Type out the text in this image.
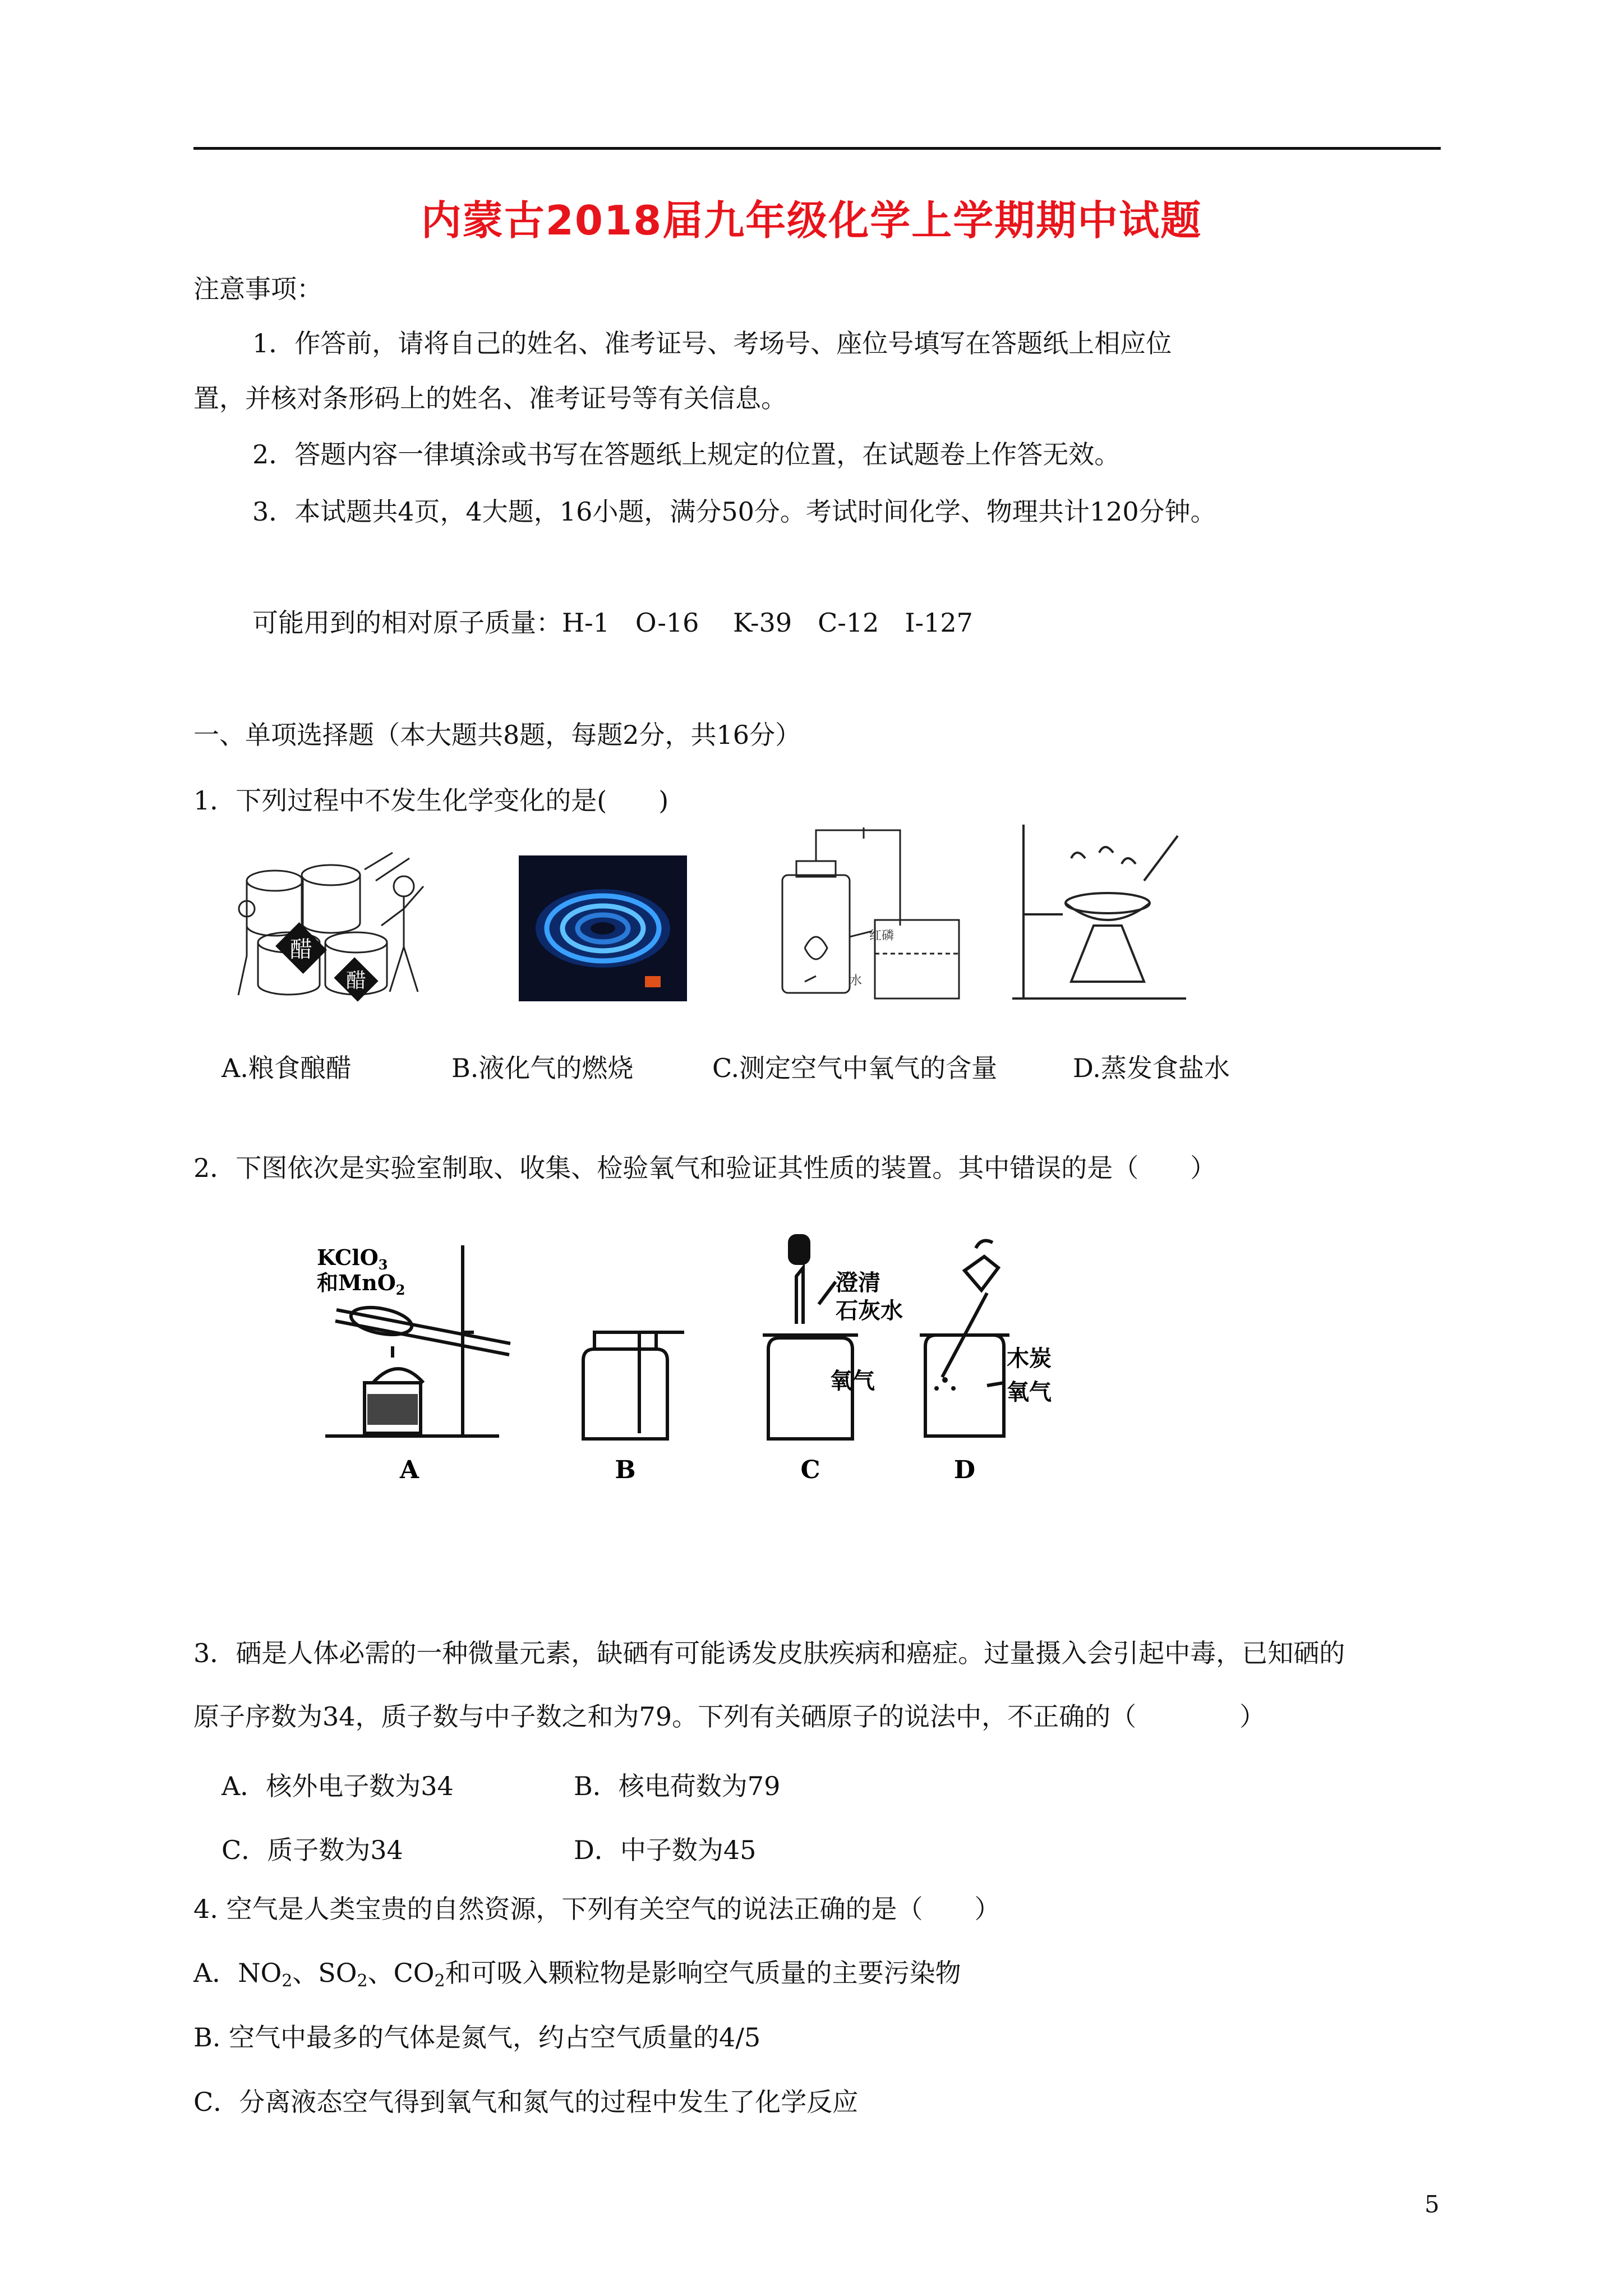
内蒙古2018届九年级化学上学期期中试题
注意事项：
1．作答前，请将自己的姓名、准考证号、考场号、座位号填写在答题纸上相应位
置，并核对条形码上的姓名、准考证号等有关信息。
2．答题内容一律填涂或书写在答题纸上规定的位置，在试题卷上作答无效。
3．本试题共4页，4大题，16小题，满分50分。考试时间化学、物理共计120分钟。
可能用到的相对原子质量：H-1　O-16　 K-39　C-12　I-127
一、单项选择题（本大题共8题，每题2分，共16分）
1．下列过程中不发生化学变化的是(　　)
醋
醋
红磷
水
A.粮食酿醋	B.液化气的燃烧	C.测定空气中氧气的含量	D.蒸发食盐水
2．下图依次是实验室制取、收集、检验氧气和验证其性质的装置。其中错误的是（　　）
KClO$_3$
和MnO$_2$	澄清
石灰水
氧气
木炭
氧气
A	B	C	D
3．硒是人体必需的一种微量元素，缺硒有可能诱发皮肤疾病和癌症。过量摄入会引起中毒，已知硒的
原子序数为34，质子数与中子数之和为79。下列有关硒原子的说法中，不正确的（　　　　）
A．核外电子数为34	B．核电荷数为79
C．质子数为34	D．中子数为45
4. 空气是人类宝贵的自然资源，下列有关空气的说法正确的是（　　）
A．$NO_2$、$SO_2$、$CO_2$和可吸入颗粒物是影响空气质量的主要污染物
B. 空气中最多的气体是氮气，约占空气质量的4/5
C．分离液态空气得到氧气和氮气的过程中发生了化学反应
5
